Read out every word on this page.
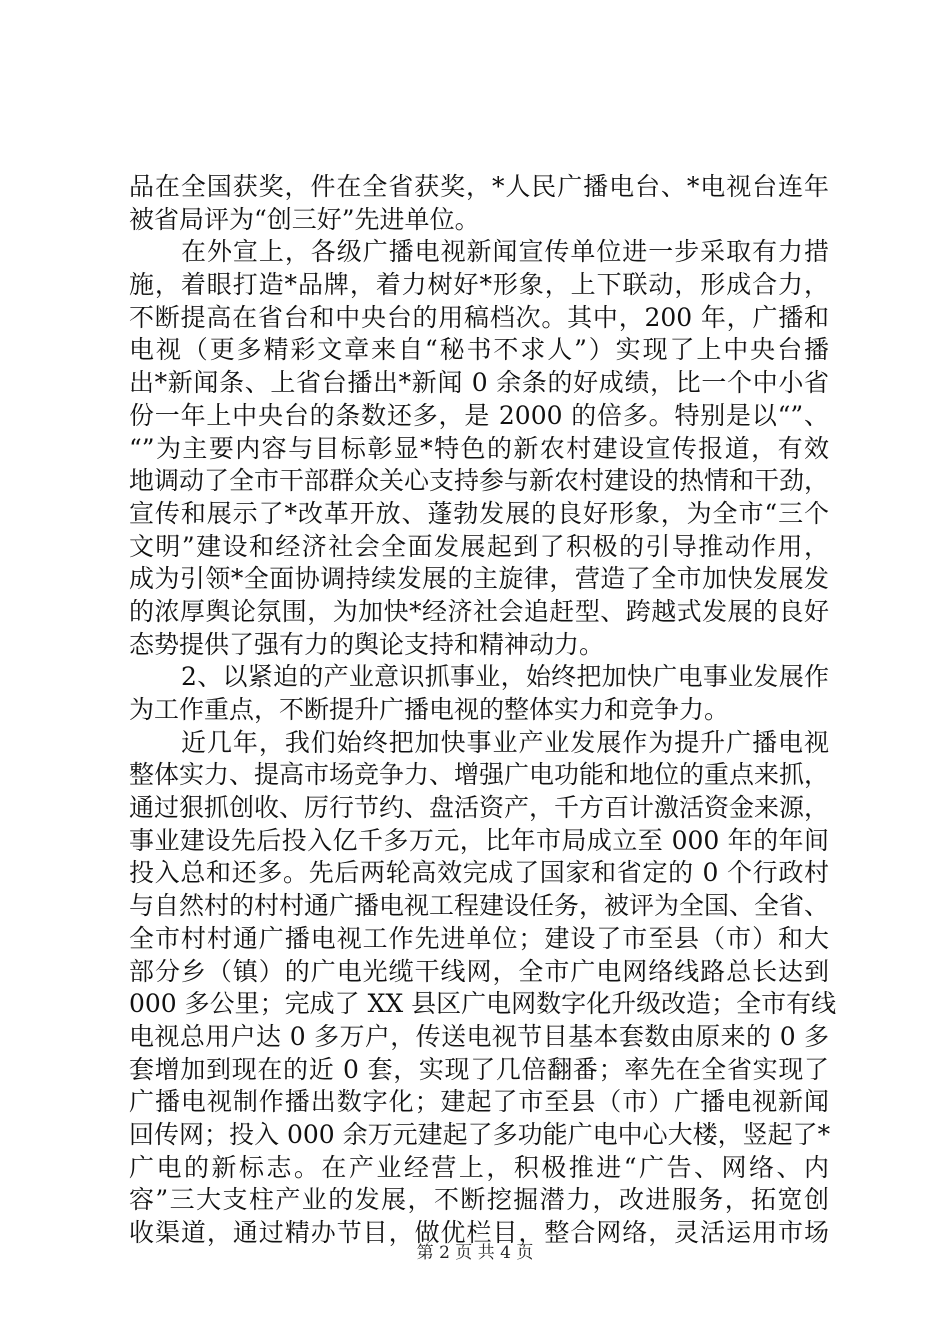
品在全国获奖，件在全省获奖，*人民广播电台、*电视台连年
被省局评为“创三好”先进单位。
在外宣上，各级广播电视新闻宣传单位进一步采取有力措
施，着眼打造*品牌，着力树好*形象，上下联动，形成合力，
不断提高在省台和中央台的用稿档次。其中，200 年，广播和
电视（更多精彩文章来自“秘书不求人”）实现了上中央台播
出*新闻条、上省台播出*新闻 0 余条的好成绩，比一个中小省
份一年上中央台的条数还多，是 2000 的倍多。特别是以“”、
“”为主要内容与目标彰显*特色的新农村建设宣传报道，有效
地调动了全市干部群众关心支持参与新农村建设的热情和干劲，
宣传和展示了*改革开放、蓬勃发展的良好形象，为全市“三个
文明”建设和经济社会全面发展起到了积极的引导推动作用，
成为引领*全面协调持续发展的主旋律，营造了全市加快发展发
的浓厚舆论氛围，为加快*经济社会追赶型、跨越式发展的良好
态势提供了强有力的舆论支持和精神动力。
2、以紧迫的产业意识抓事业，始终把加快广电事业发展作
为工作重点，不断提升广播电视的整体实力和竞争力。
近几年，我们始终把加快事业产业发展作为提升广播电视
整体实力、提高市场竞争力、增强广电功能和地位的重点来抓，
通过狠抓创收、厉行节约、盘活资产，千方百计激活资金来源，
事业建设先后投入亿千多万元，比年市局成立至 000 年的年间
投入总和还多。先后两轮高效完成了国家和省定的 0 个行政村
与自然村的村村通广播电视工程建设任务，被评为全国、全省、
全市村村通广播电视工作先进单位；建设了市至县（市）和大
部分乡（镇）的广电光缆干线网，全市广电网络线路总长达到
000 多公里；完成了 XX 县区广电网数字化升级改造；全市有线
电视总用户达 0 多万户，传送电视节目基本套数由原来的 0 多
套增加到现在的近 0 套，实现了几倍翻番；率先在全省实现了
广播电视制作播出数字化；建起了市至县（市）广播电视新闻
回传网；投入 000 余万元建起了多功能广电中心大楼，竖起了*
广电的新标志。在产业经营上，积极推进“广告、网络、内
容”三大支柱产业的发展，不断挖掘潜力，改进服务，拓宽创
收渠道，通过精办节目，做优栏目，整合网络，灵活运用市场
第 2 页 共 4 页
